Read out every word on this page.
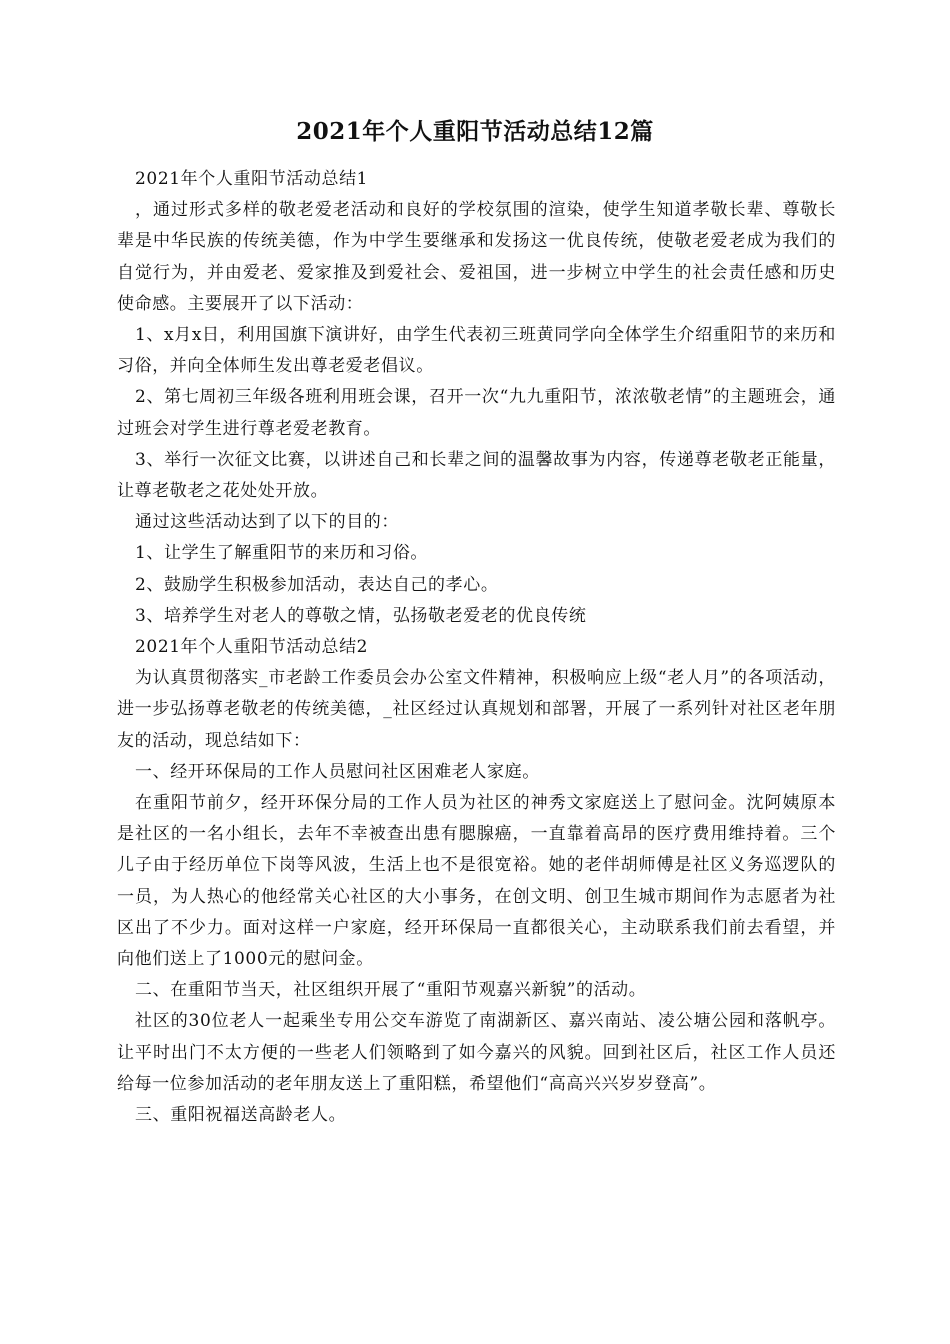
2021年个人重阳节活动总结12篇

2021年个人重阳节活动总结1

，通过形式多样的敬老爱老活动和良好的学校氛围的渲染，使学生知道孝敬长辈、尊敬长辈是中华民族的传统美德，作为中学生要继承和发扬这一优良传统，使敬老爱老成为我们的自觉行为，并由爱老、爱家推及到爱社会、爱祖国，进一步树立中学生的社会责任感和历史使命感。主要展开了以下活动：

1、x月x日，利用国旗下演讲好，由学生代表初三班黄同学向全体学生介绍重阳节的来历和习俗，并向全体师生发出尊老爱老倡议。

2、第七周初三年级各班利用班会课，召开一次“九九重阳节，浓浓敬老情”的主题班会，通过班会对学生进行尊老爱老教育。

3、举行一次征文比赛，以讲述自己和长辈之间的温馨故事为内容，传递尊老敬老正能量，让尊老敬老之花处处开放。

通过这些活动达到了以下的目的：

1、让学生了解重阳节的来历和习俗。

2、鼓励学生积极参加活动，表达自己的孝心。

3、培养学生对老人的尊敬之情，弘扬敬老爱老的优良传统

2021年个人重阳节活动总结2

为认真贯彻落实_市老龄工作委员会办公室文件精神，积极响应上级“老人月”的各项活动，进一步弘扬尊老敬老的传统美德，_社区经过认真规划和部署，开展了一系列针对社区老年朋友的活动，现总结如下：

一、经开环保局的工作人员慰问社区困难老人家庭。

在重阳节前夕，经开环保分局的工作人员为社区的神秀文家庭送上了慰问金。沈阿姨原本是社区的一名小组长，去年不幸被查出患有腮腺癌，一直靠着高昂的医疗费用维持着。三个儿子由于经历单位下岗等风波，生活上也不是很宽裕。她的老伴胡师傅是社区义务巡逻队的一员，为人热心的他经常关心社区的大小事务，在创文明、创卫生城市期间作为志愿者为社区出了不少力。面对这样一户家庭，经开环保局一直都很关心，主动联系我们前去看望，并向他们送上了1000元的慰问金。

二、在重阳节当天，社区组织开展了“重阳节观嘉兴新貌”的活动。

社区的30位老人一起乘坐专用公交车游览了南湖新区、嘉兴南站、凌公塘公园和落帆亭。让平时出门不太方便的一些老人们领略到了如今嘉兴的风貌。回到社区后，社区工作人员还给每一位参加活动的老年朋友送上了重阳糕，希望他们“高高兴兴岁岁登高”。

三、重阳祝福送高龄老人。
